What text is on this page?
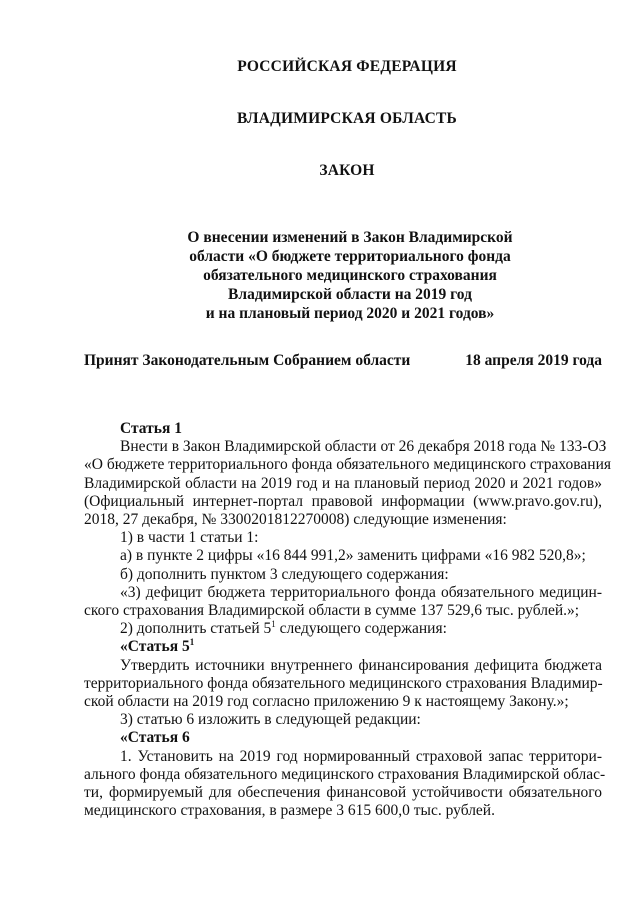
РОССИЙСКАЯ ФЕДЕРАЦИЯ
ВЛАДИМИРСКАЯ ОБЛАСТЬ
ЗАКОН
О внесении изменений в Закон Владимирской
области «О бюджете территориального фонда
обязательного медицинского страхования
Владимирской области на 2019 год
и на плановый период 2020 и 2021 годов»
Принят Законодательным Собранием области	18 апреля 2019 года
Статья 1
Внести в Закон Владимирской области от 26 декабря 2018 года № 133-ОЗ
«О бюджете территориального фонда обязательного медицинского страхования
Владимирской области на 2019 год и на плановый период 2020 и 2021 годов»
(Официальный интернет-портал правовой информации (www.pravo.gov.ru),
2018, 27 декабря, № 3300201812270008) следующие изменения:
1) в части 1 статьи 1:
а) в пункте 2 цифры «16 844 991,2» заменить цифрами «16 982 520,8»;
б) дополнить пунктом 3 следующего содержания:
«3) дефицит бюджета территориального фонда обязательного медицин-
ского страхования Владимирской области в сумме 137 529,6 тыс. рублей.»;
2) дополнить статьей $5^1$ следующего содержания:
«Статья $5^1$
Утвердить источники внутреннего финансирования дефицита бюджета
территориального фонда обязательного медицинского страхования Владимир-
ской области на 2019 год согласно приложению 9 к настоящему Закону.»;
3) статью 6 изложить в следующей редакции:
«Статья 6
1. Установить на 2019 год нормированный страховой запас территори-
ального фонда обязательного медицинского страхования Владимирской облас-
ти, формируемый для обеспечения финансовой устойчивости обязательного
медицинского страхования, в размере 3 615 600,0 тыс. рублей.
